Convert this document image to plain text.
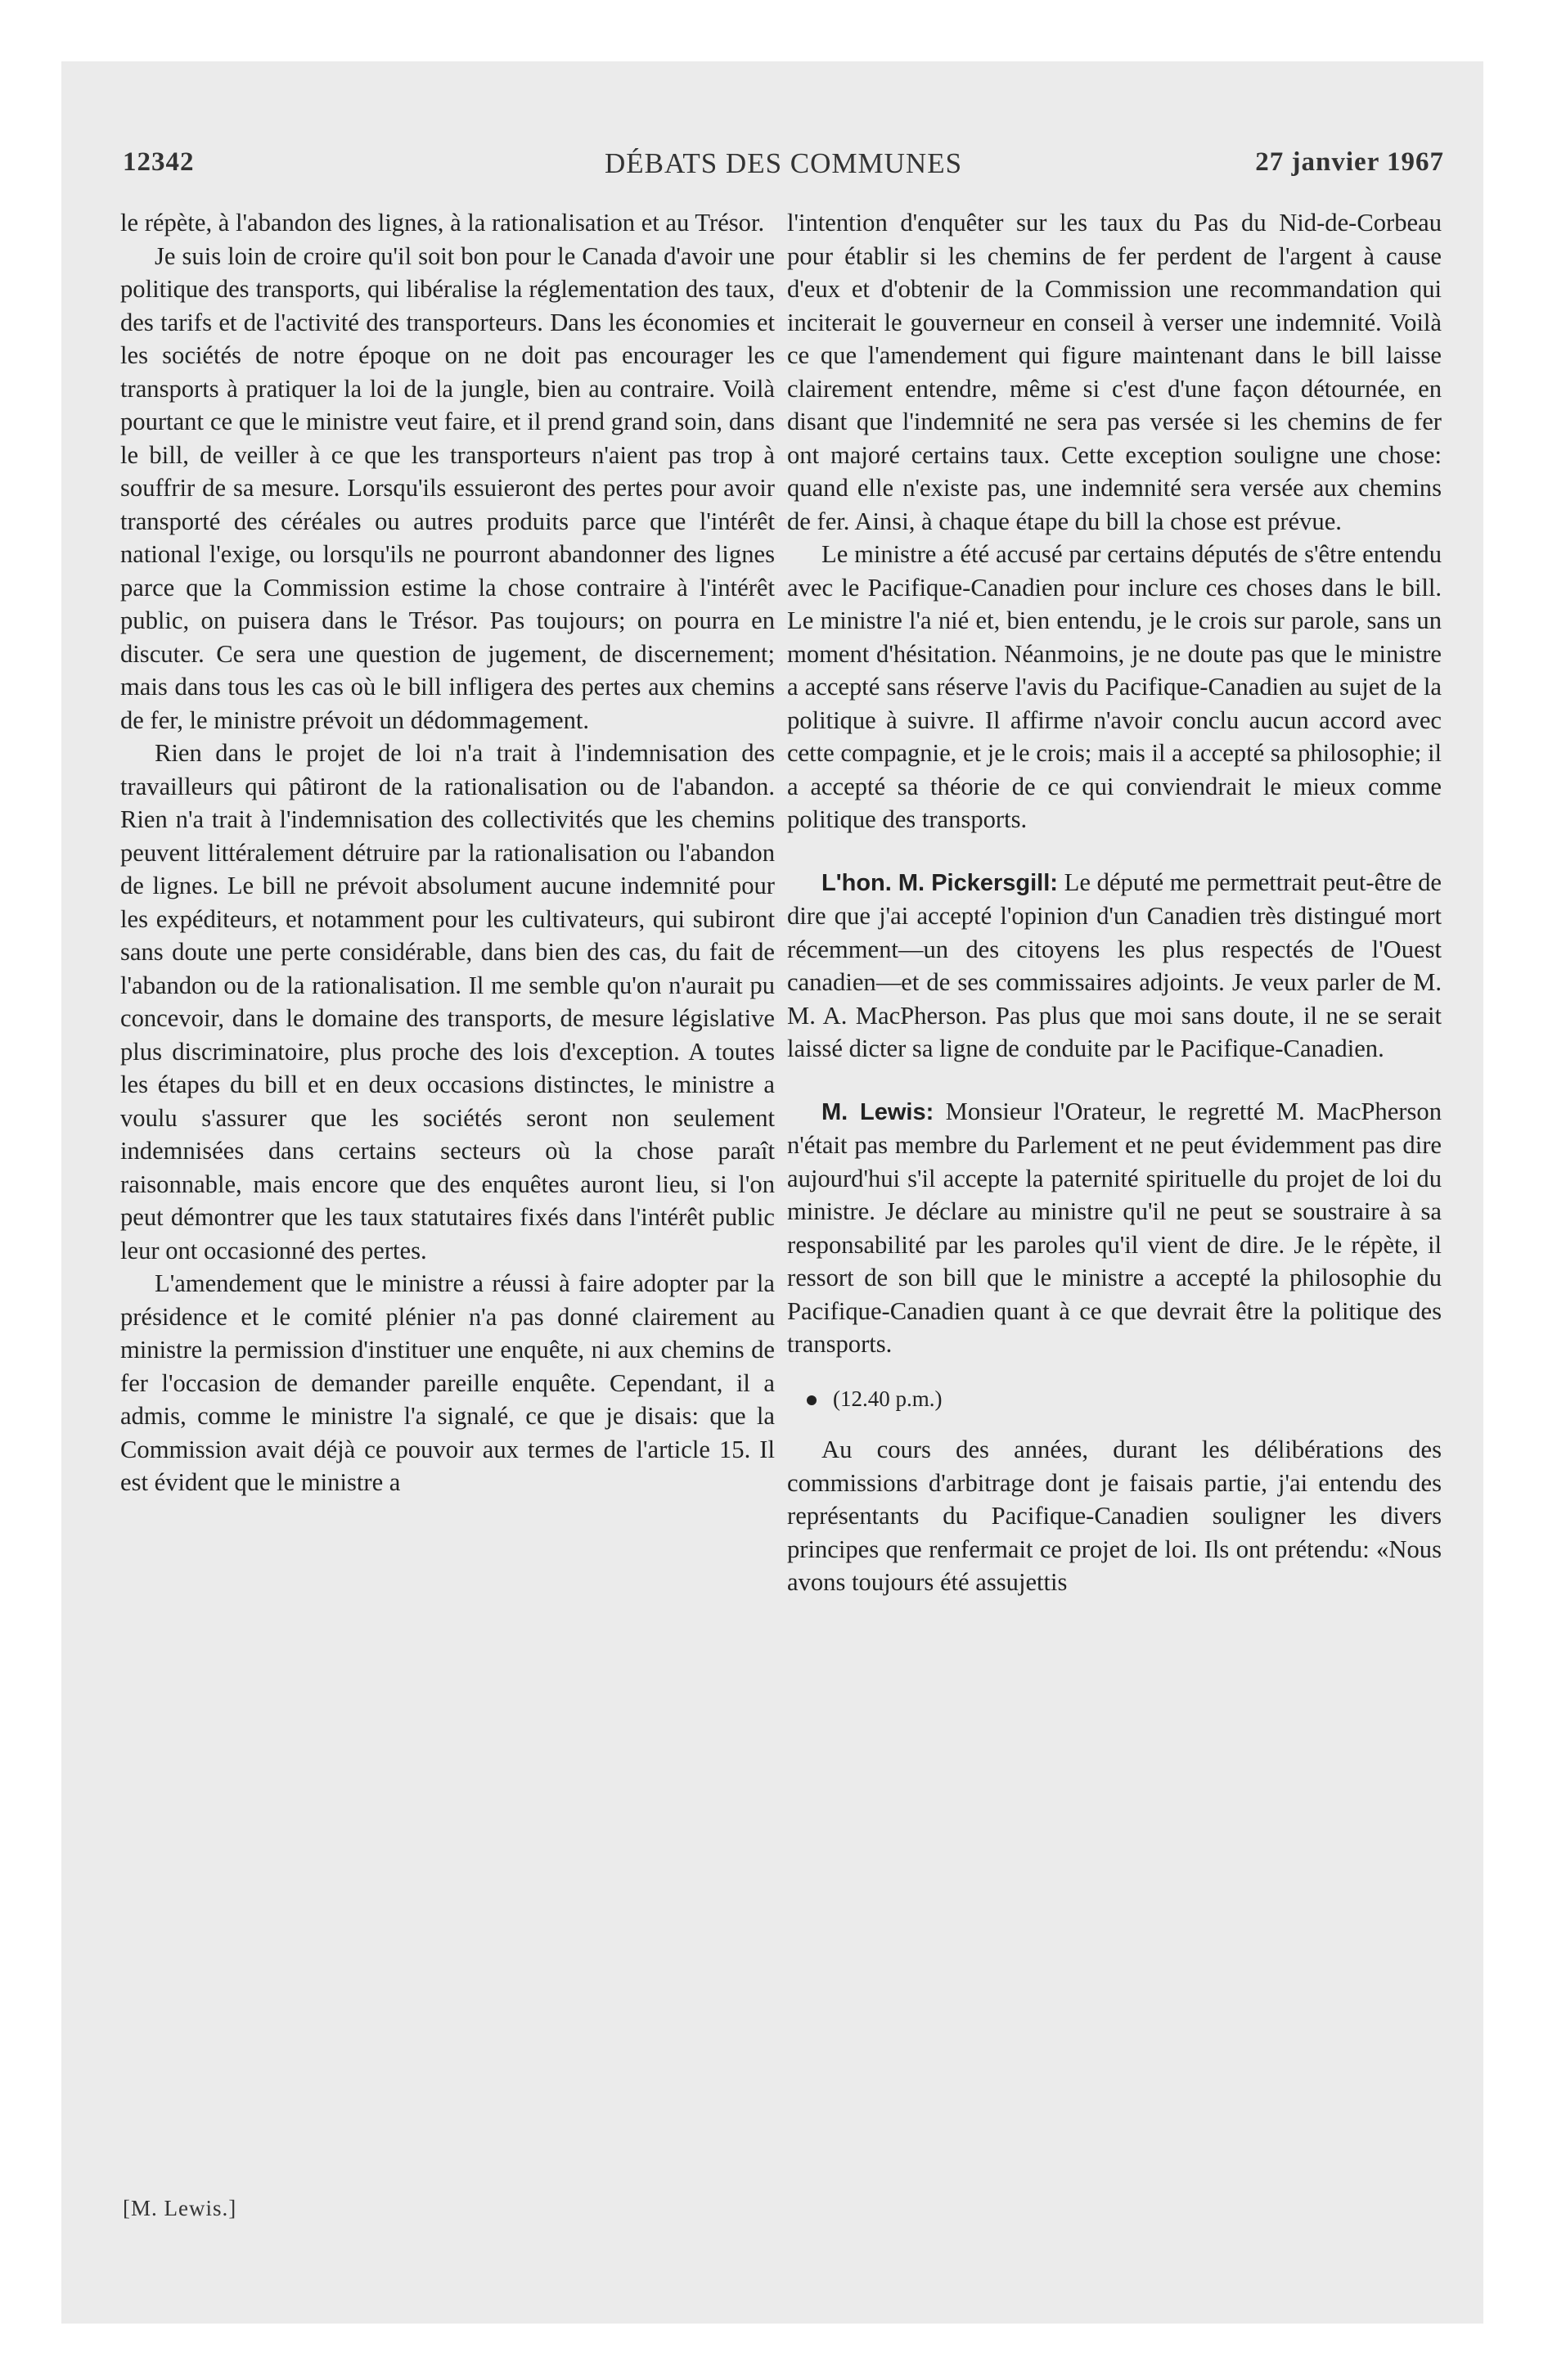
12342	DÉBATS DES COMMUNES	27 janvier 1967

le répète, à l'abandon des lignes, à la rationalisation et au Trésor.

Je suis loin de croire qu'il soit bon pour le Canada d'avoir une politique des transports, qui libéralise la réglementation des taux, des tarifs et de l'activité des transporteurs. Dans les économies et les sociétés de notre époque on ne doit pas encourager les transports à pratiquer la loi de la jungle, bien au contraire. Voilà pourtant ce que le ministre veut faire, et il prend grand soin, dans le bill, de veiller à ce que les transporteurs n'aient pas trop à souffrir de sa mesure. Lorsqu'ils essuieront des pertes pour avoir transporté des céréales ou autres produits parce que l'intérêt national l'exige, ou lorsqu'ils ne pourront abandonner des lignes parce que la Commission estime la chose contraire à l'intérêt public, on puisera dans le Trésor. Pas toujours; on pourra en discuter. Ce sera une question de jugement, de discernement; mais dans tous les cas où le bill infligera des pertes aux chemins de fer, le ministre prévoit un dédommagement.

Rien dans le projet de loi n'a trait à l'indemnisation des travailleurs qui pâtiront de la rationalisation ou de l'abandon. Rien n'a trait à l'indemnisation des collectivités que les chemins peuvent littéralement détruire par la rationalisation ou l'abandon de lignes. Le bill ne prévoit absolument aucune indemnité pour les expéditeurs, et notamment pour les cultivateurs, qui subiront sans doute une perte considérable, dans bien des cas, du fait de l'abandon ou de la rationalisation. Il me semble qu'on n'aurait pu concevoir, dans le domaine des transports, de mesure législative plus discriminatoire, plus proche des lois d'exception. A toutes les étapes du bill et en deux occasions distinctes, le ministre a voulu s'assurer que les sociétés seront non seulement indemnisées dans certains secteurs où la chose paraît raisonnable, mais encore que des enquêtes auront lieu, si l'on peut démontrer que les taux statutaires fixés dans l'intérêt public leur ont occasionné des pertes.

L'amendement que le ministre a réussi à faire adopter par la présidence et le comité plénier n'a pas donné clairement au ministre la permission d'instituer une enquête, ni aux chemins de fer l'occasion de demander pareille enquête. Cependant, il a admis, comme le ministre l'a signalé, ce que je disais: que la Commission avait déjà ce pouvoir aux termes de l'article 15. Il est évident que le ministre a

l'intention d'enquêter sur les taux du Pas du Nid-de-Corbeau pour établir si les chemins de fer perdent de l'argent à cause d'eux et d'obtenir de la Commission une recommandation qui inciterait le gouverneur en conseil à verser une indemnité. Voilà ce que l'amendement qui figure maintenant dans le bill laisse clairement entendre, même si c'est d'une façon détournée, en disant que l'indemnité ne sera pas versée si les chemins de fer ont majoré certains taux. Cette exception souligne une chose: quand elle n'existe pas, une indemnité sera versée aux chemins de fer. Ainsi, à chaque étape du bill la chose est prévue.

Le ministre a été accusé par certains députés de s'être entendu avec le Pacifique-Canadien pour inclure ces choses dans le bill. Le ministre l'a nié et, bien entendu, je le crois sur parole, sans un moment d'hésitation. Néanmoins, je ne doute pas que le ministre a accepté sans réserve l'avis du Pacifique-Canadien au sujet de la politique à suivre. Il affirme n'avoir conclu aucun accord avec cette compagnie, et je le crois; mais il a accepté sa philosophie; il a accepté sa théorie de ce qui conviendrait le mieux comme politique des transports.

L'hon. M. Pickersgill: Le député me permettrait peut-être de dire que j'ai accepté l'opinion d'un Canadien très distingué mort récemment—un des citoyens les plus respectés de l'Ouest canadien—et de ses commissaires adjoints. Je veux parler de M. M. A. MacPherson. Pas plus que moi sans doute, il ne se serait laissé dicter sa ligne de conduite par le Pacifique-Canadien.

M. Lewis: Monsieur l'Orateur, le regretté M. MacPherson n'était pas membre du Parlement et ne peut évidemment pas dire aujourd'hui s'il accepte la paternité spirituelle du projet de loi du ministre. Je déclare au ministre qu'il ne peut se soustraire à sa responsabilité par les paroles qu'il vient de dire. Je le répète, il ressort de son bill que le ministre a accepté la philosophie du Pacifique-Canadien quant à ce que devrait être la politique des transports.

(12.40 p.m.)

Au cours des années, durant les délibérations des commissions d'arbitrage dont je faisais partie, j'ai entendu des représentants du Pacifique-Canadien souligner les divers principes que renfermait ce projet de loi. Ils ont prétendu: «Nous avons toujours été assujettis

[M. Lewis.]
